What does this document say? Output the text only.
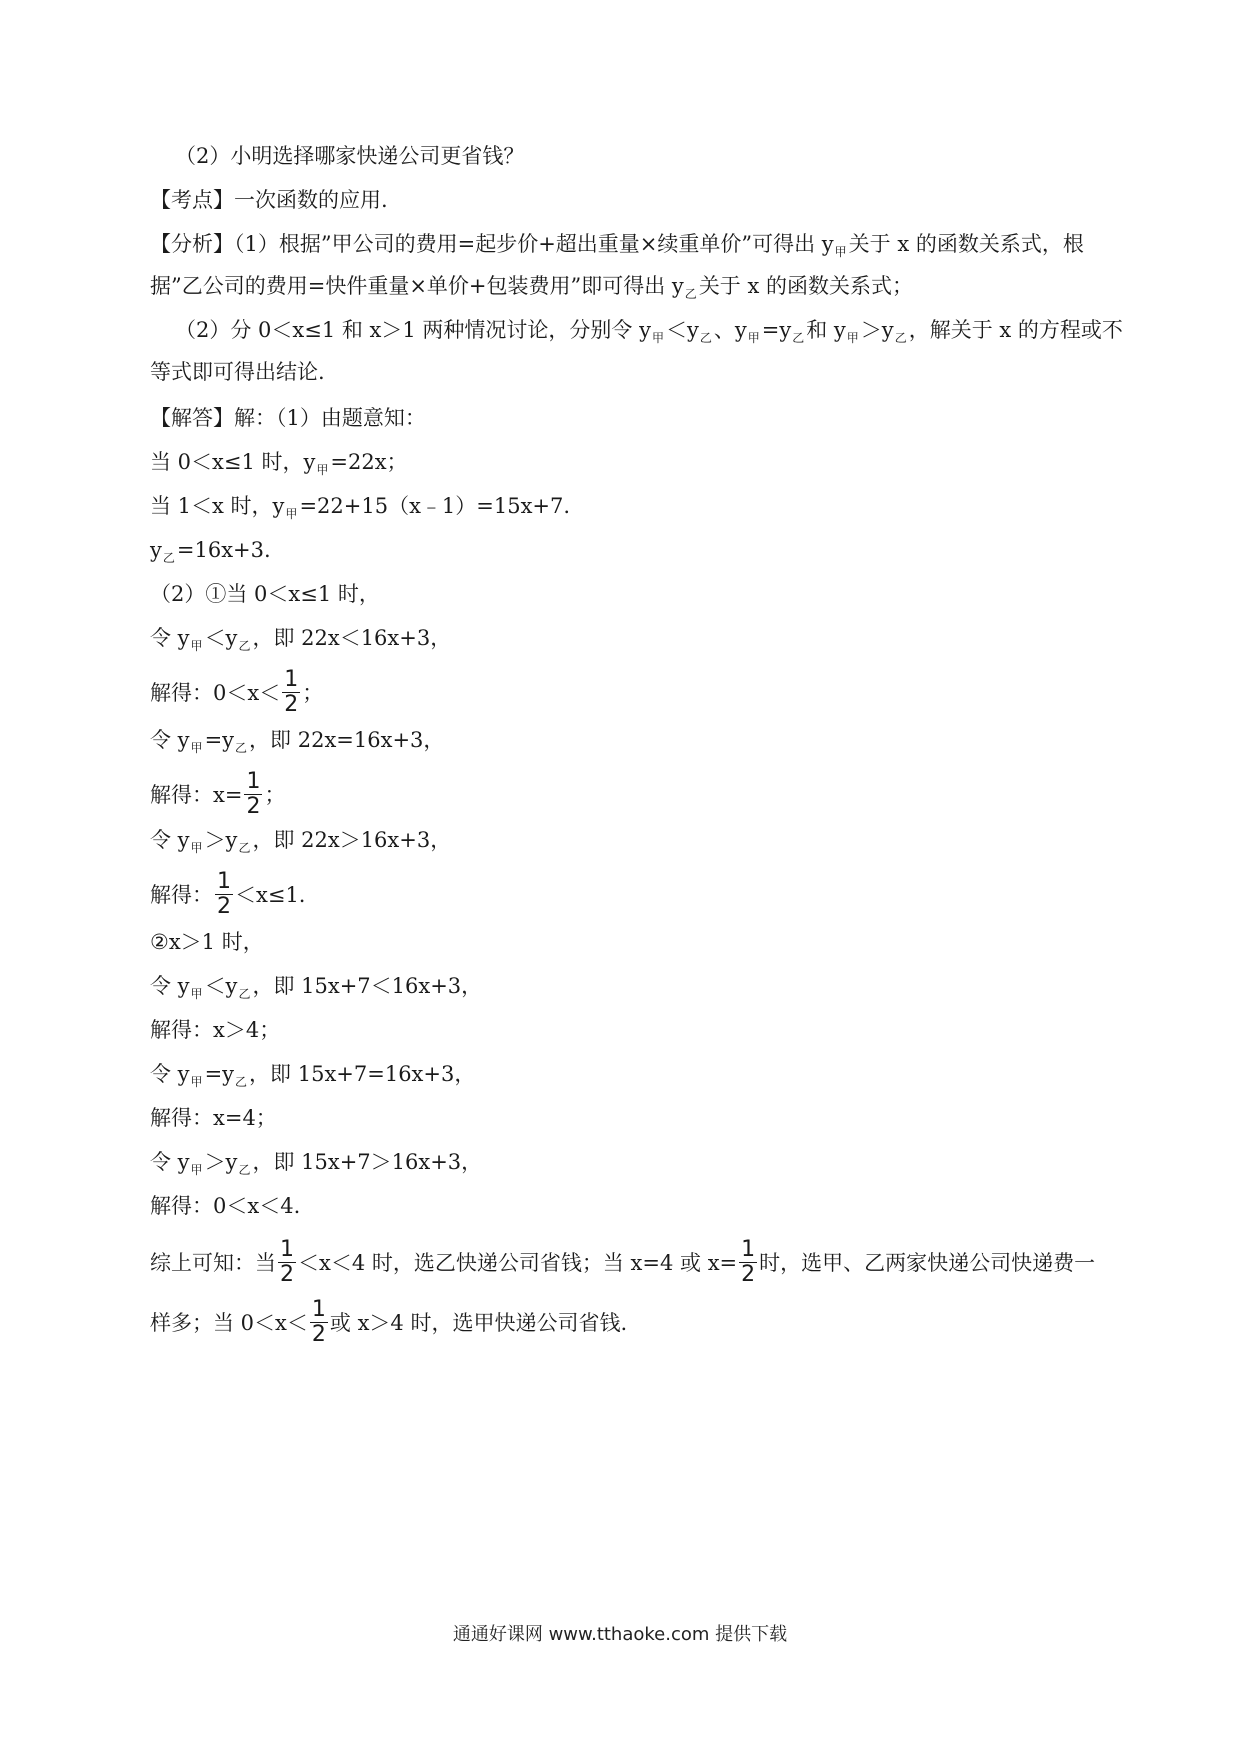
（2）小明选择哪家快递公司更省钱？
【考点】一次函数的应用.
【分析】（1）根据”甲公司的费用=起步价+超出重量×续重单价”可得出 $y_甲$关于 x 的函数关系式，根
据”乙公司的费用=快件重量×单价+包装费用”即可得出 $y_乙$关于 x 的函数关系式；
（2）分 0＜x≤1 和 x＞1 两种情况讨论，分别令 $y_甲<y_乙$、$y_甲=y_乙$和 $y_甲>y_乙$，解关于 x 的方程或不
等式即可得出结论.
【解答】解：（1）由题意知：
当 0＜x≤1 时，$y_甲=22x$；
当 1＜x 时，$y_甲=22+15(x﹣1)=15x+7$.
$y_乙=16x+3$.
（2）①当 0＜x≤1 时，
令 $y_甲<y_乙$，即 22x＜16x+3，
解得：$0<x< \frac{1}{2}$ ；
令 $y_甲=y_乙$，即 22x=16x+3，
解得：$x= \frac{1}{2}$ ；
令 $y_甲>y_乙$，即 22x＞16x+3，
解得： $\frac{1}{2} <x\le 1$.
②x＞1 时，
令 $y_甲<y_乙$，即 15x+7＜16x+3，
解得：x＞4；
令 $y_甲=y_乙$，即 15x+7=16x+3，
解得：x=4；
令 $y_甲>y_乙$，即 15x+7＞16x+3，
解得：0＜x＜4.
综上可知：当 $\frac{1}{2} <x<4$ 时，选乙快递公司省钱；当 x=4 或 $x= \frac{1}{2}$ 时，选甲、乙两家快递公司快递费一
样多；当 $0<x< \frac{1}{2}$ 或 x＞4 时，选甲快递公司省钱.
通通好课网 www.tthaoke.com 提供下载
